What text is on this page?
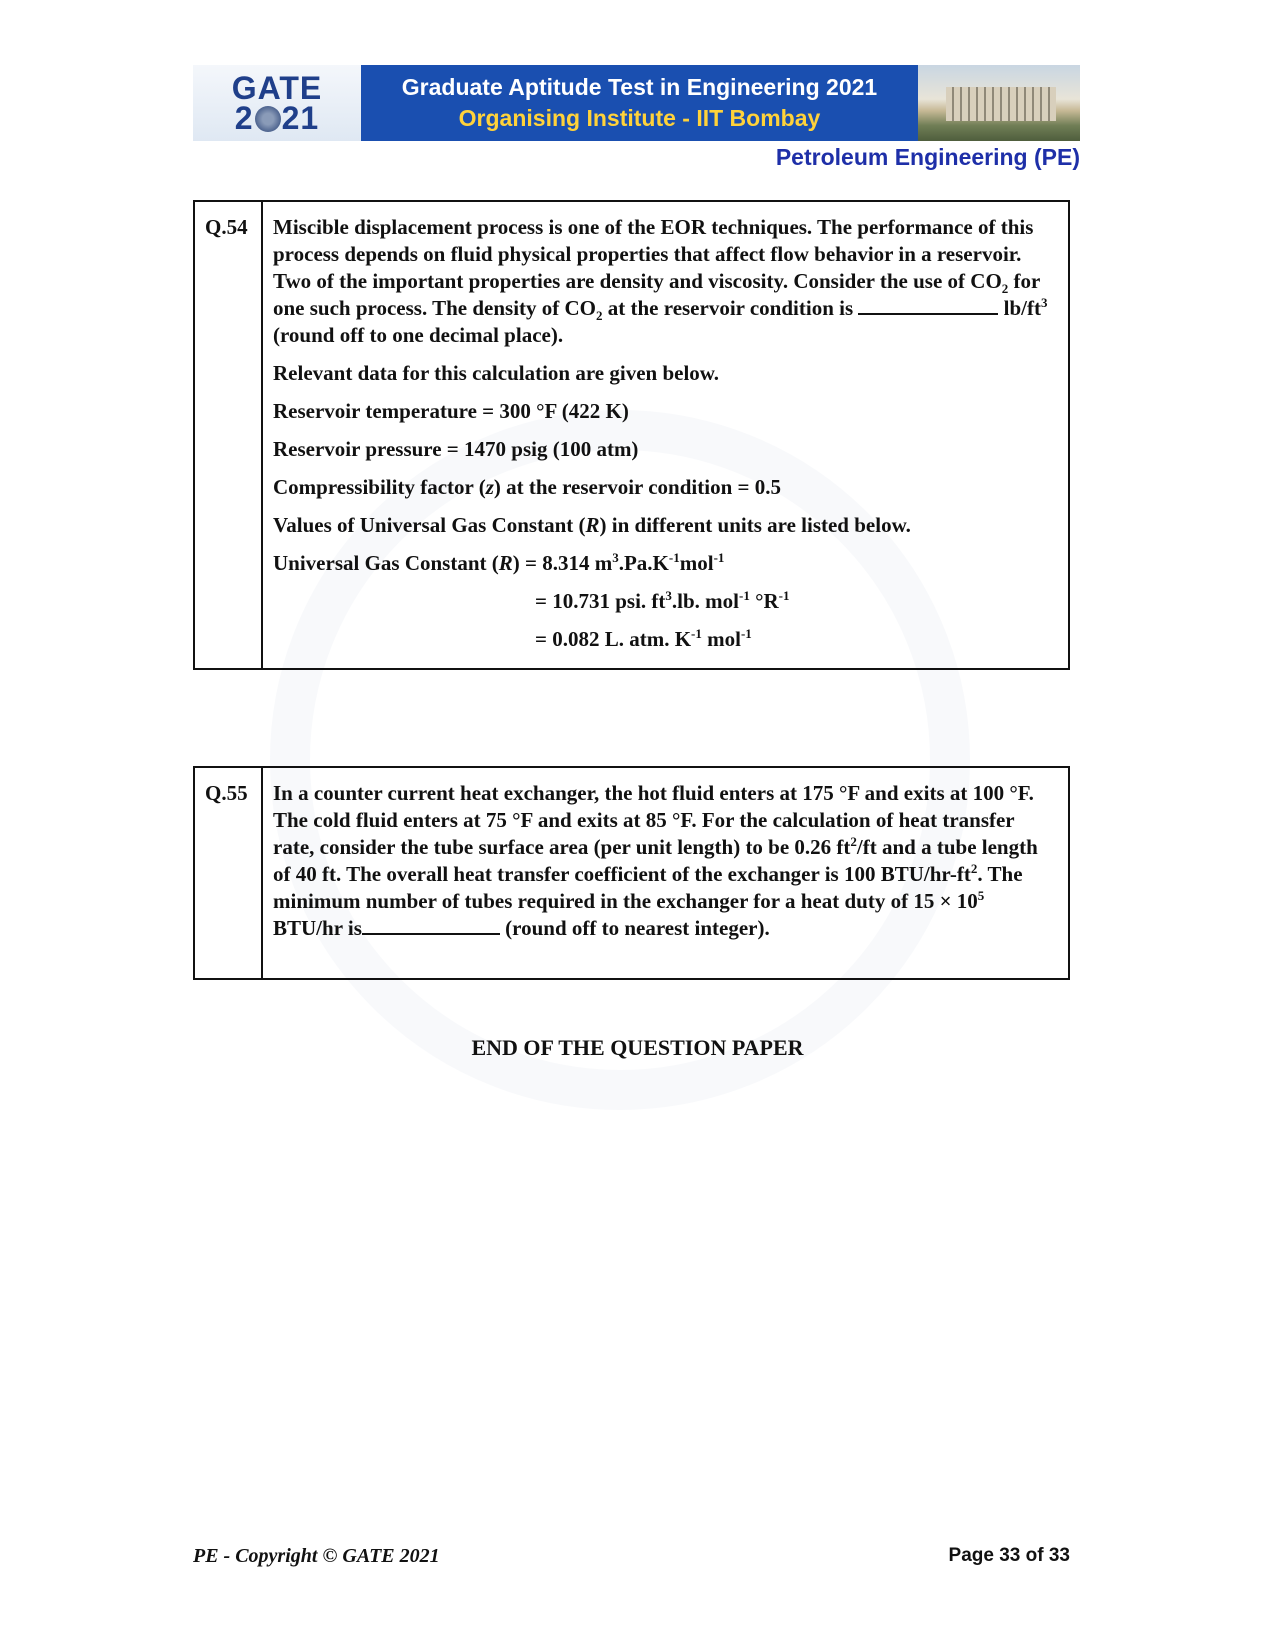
GATE
2 21
Graduate Aptitude Test in Engineering 2021
Organising Institute - IIT Bombay
Petroleum Engineering (PE)
Q.54	Miscible displacement process is one of the EOR techniques. The performance of this process depends on fluid physical properties that affect flow behavior in a reservoir. Two of the important properties are density and viscosity. Consider the use of $CO_2$ for one such process. The density of $CO_2$ at the reservoir condition is	$lb/ft^3$ (round off to one decimal place).

Relevant data for this calculation are given below.

Reservoir temperature = 300 °F (422 K)

Reservoir pressure = 1470 psig (100 atm)

Compressibility factor (z) at the reservoir condition = 0.5

Values of Universal Gas Constant (R) in different units are listed below.

Universal Gas Constant (R) = 8.314 $m^3.Pa.K^{-1}mol^{-1}$

= 10.731 psi. $ft^3.lb$. mol$^{-1}$ $^\circ R^{-1}$

= 0.082 L. atm. $K^{-1}$ mol$^{-1}$

Q.55	In a counter current heat exchanger, the hot fluid enters at 175 °F and exits at 100 °F. The cold fluid enters at 75 °F and exits at 85 °F. For the calculation of heat transfer rate, consider the tube surface area (per unit length) to be 0.26 $ft^2/ft$ and a tube length of 40 ft. The overall heat transfer coefficient of the exchanger is 100 BTU/$hr-ft^2$. The minimum number of tubes required in the exchanger for a heat duty of $15 \times 10^5$ BTU/hr is	(round off to nearest integer).

END OF THE QUESTION PAPER
PE - Copyright © GATE 2021	Page 33 of 33
